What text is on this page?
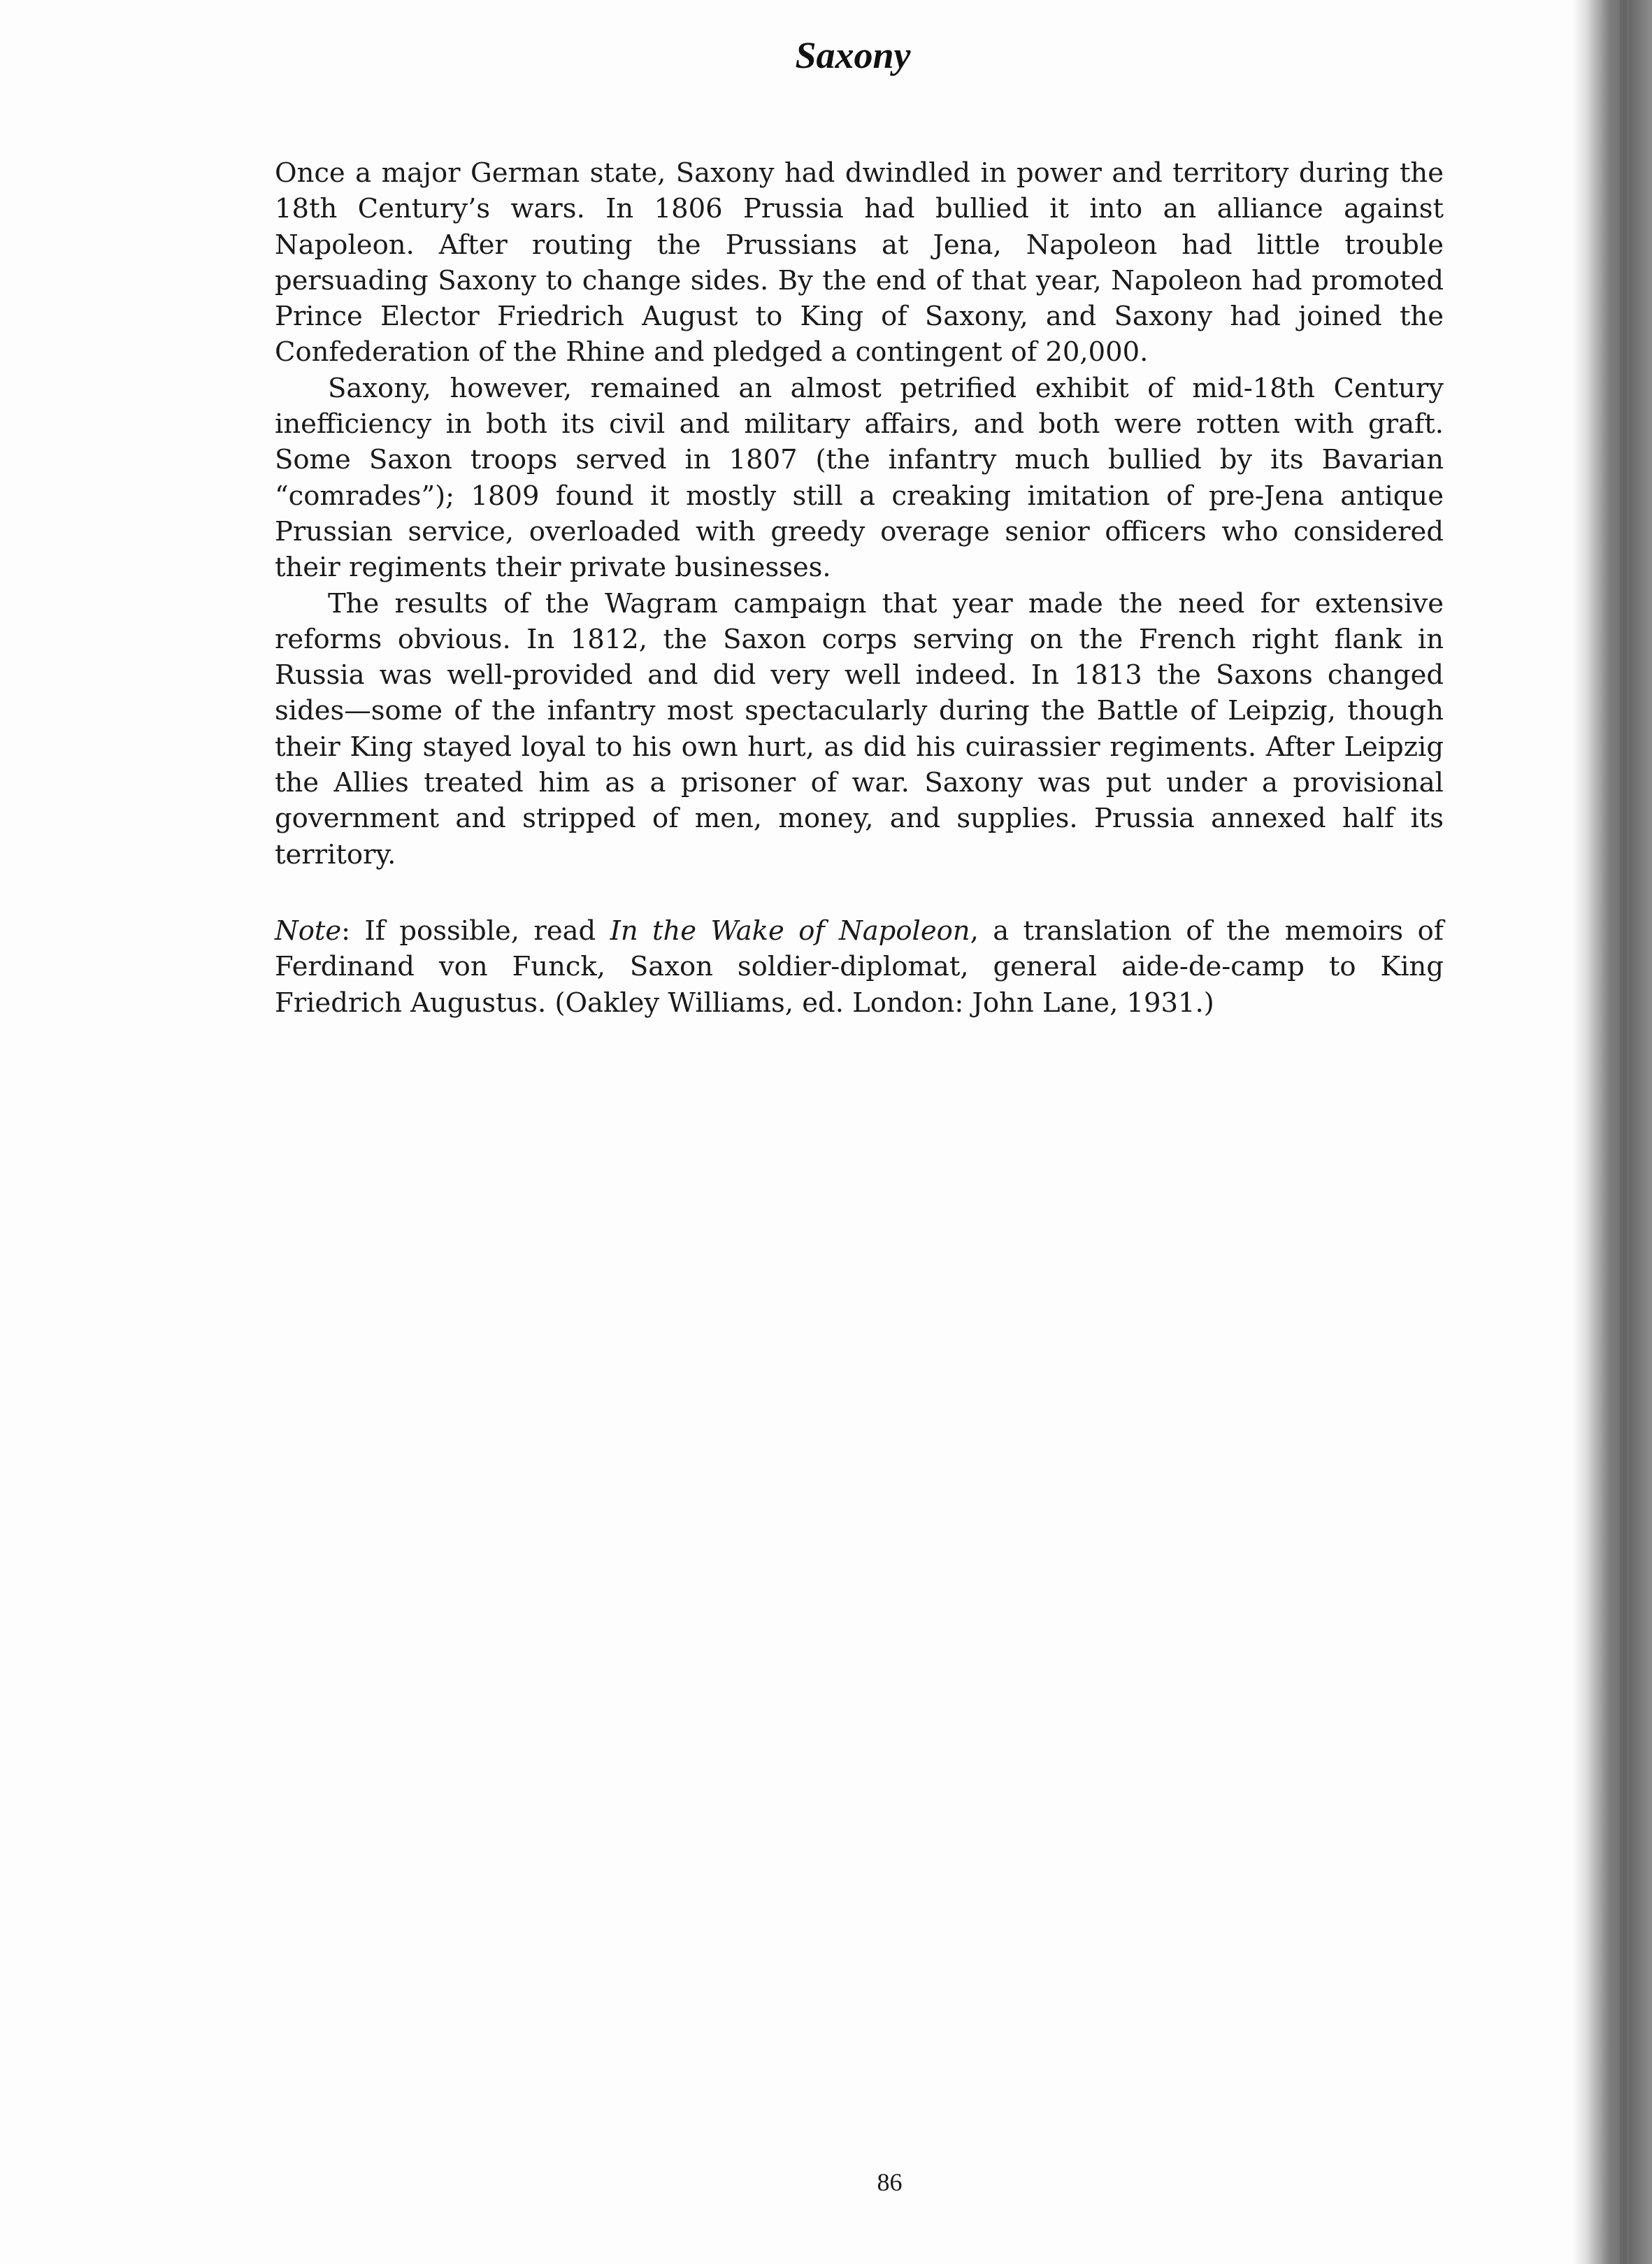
Saxony

Once a major German state, Saxony had dwindled in power and territory during the 18th Century’s wars. In 1806 Prussia had bullied it into an alliance against Napoleon. After routing the Prussians at Jena, Napoleon had little trouble persuading Saxony to change sides. By the end of that year, Napoleon had promoted Prince Elector Friedrich August to King of Saxony, and Saxony had joined the Confederation of the Rhine and pledged a contingent of 20,000.

Saxony, however, remained an almost petrified exhibit of mid-18th Century inefficiency in both its civil and military affairs, and both were rotten with graft. Some Saxon troops served in 1807 (the infantry much bullied by its Bavarian “comrades”); 1809 found it mostly still a creaking imitation of pre-Jena antique Prussian service, overloaded with greedy overage senior officers who considered their regiments their private businesses.

The results of the Wagram campaign that year made the need for extensive reforms obvious. In 1812, the Saxon corps serving on the French right flank in Russia was well-provided and did very well indeed. In 1813 the Saxons changed sides—some of the infantry most spectacularly during the Battle of Leipzig, though their King stayed loyal to his own hurt, as did his cuirassier regiments. After Leipzig the Allies treated him as a prisoner of war. Saxony was put under a provisional government and stripped of men, money, and supplies. Prussia annexed half its territory.

Note: If possible, read In the Wake of Napoleon, a translation of the memoirs of Ferdinand von Funck, Saxon soldier-diplomat, general aide-de-camp to King Friedrich Augustus. (Oakley Williams, ed. London: John Lane, 1931.)

86
